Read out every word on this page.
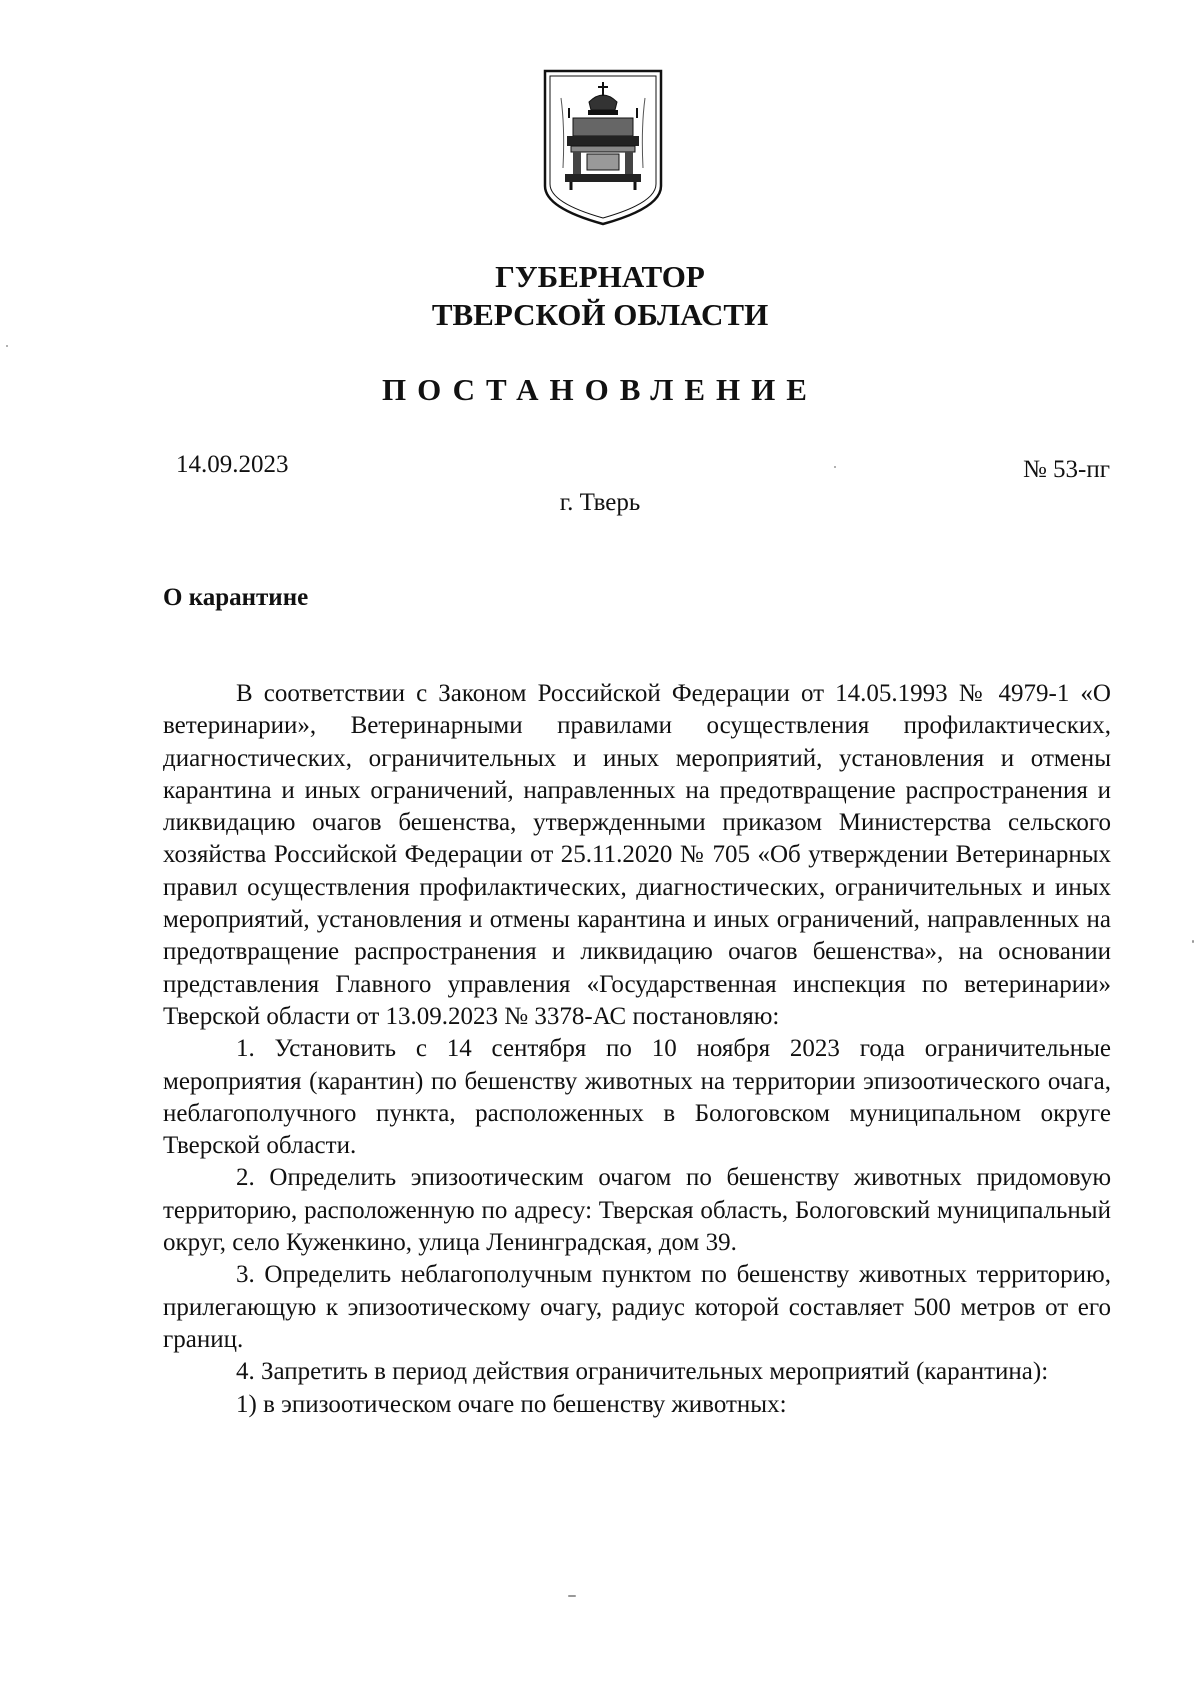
ГУБЕРНАТОР
ТВЕРСКОЙ ОБЛАСТИ
ПОСТАНОВЛЕНИЕ
14.09.2023	№ 53-пг
г. Тверь
О карантине

В соответствии с Законом Российской Федерации от 14.05.1993 № 4979-1 «О ветеринарии», Ветеринарными правилами осуществления профилактических, диагностических, ограничительных и иных мероприятий, установления и отмены карантина и иных ограничений, направленных на предотвращение распространения и ликвидацию очагов бешенства, утвержденными приказом Министерства сельского хозяйства Российской Федерации от 25.11.2020 № 705 «Об утверждении Ветеринарных правил осуществления профилактических, диагностических, ограничительных и иных мероприятий, установления и отмены карантина и иных ограничений, направленных на предотвращение распространения и ликвидацию очагов бешенства», на основании представления Главного управления «Государственная инспекция по ветеринарии» Тверской области от 13.09.2023 № 3378-АС постановляю:

1. Установить с 14 сентября по 10 ноября 2023 года ограничительные мероприятия (карантин) по бешенству животных на территории эпизоотического очага, неблагополучного пункта, расположенных в Бологовском муниципальном округе Тверской области.

2. Определить эпизоотическим очагом по бешенству животных придомовую территорию, расположенную по адресу: Тверская область, Бологовский муниципальный округ, село Куженкино, улица Ленинградская, дом 39.

3. Определить неблагополучным пунктом по бешенству животных территорию, прилегающую к эпизоотическому очагу, радиус которой составляет 500 метров от его границ.

4. Запретить в период действия ограничительных мероприятий (карантина):

1) в эпизоотическом очаге по бешенству животных:
